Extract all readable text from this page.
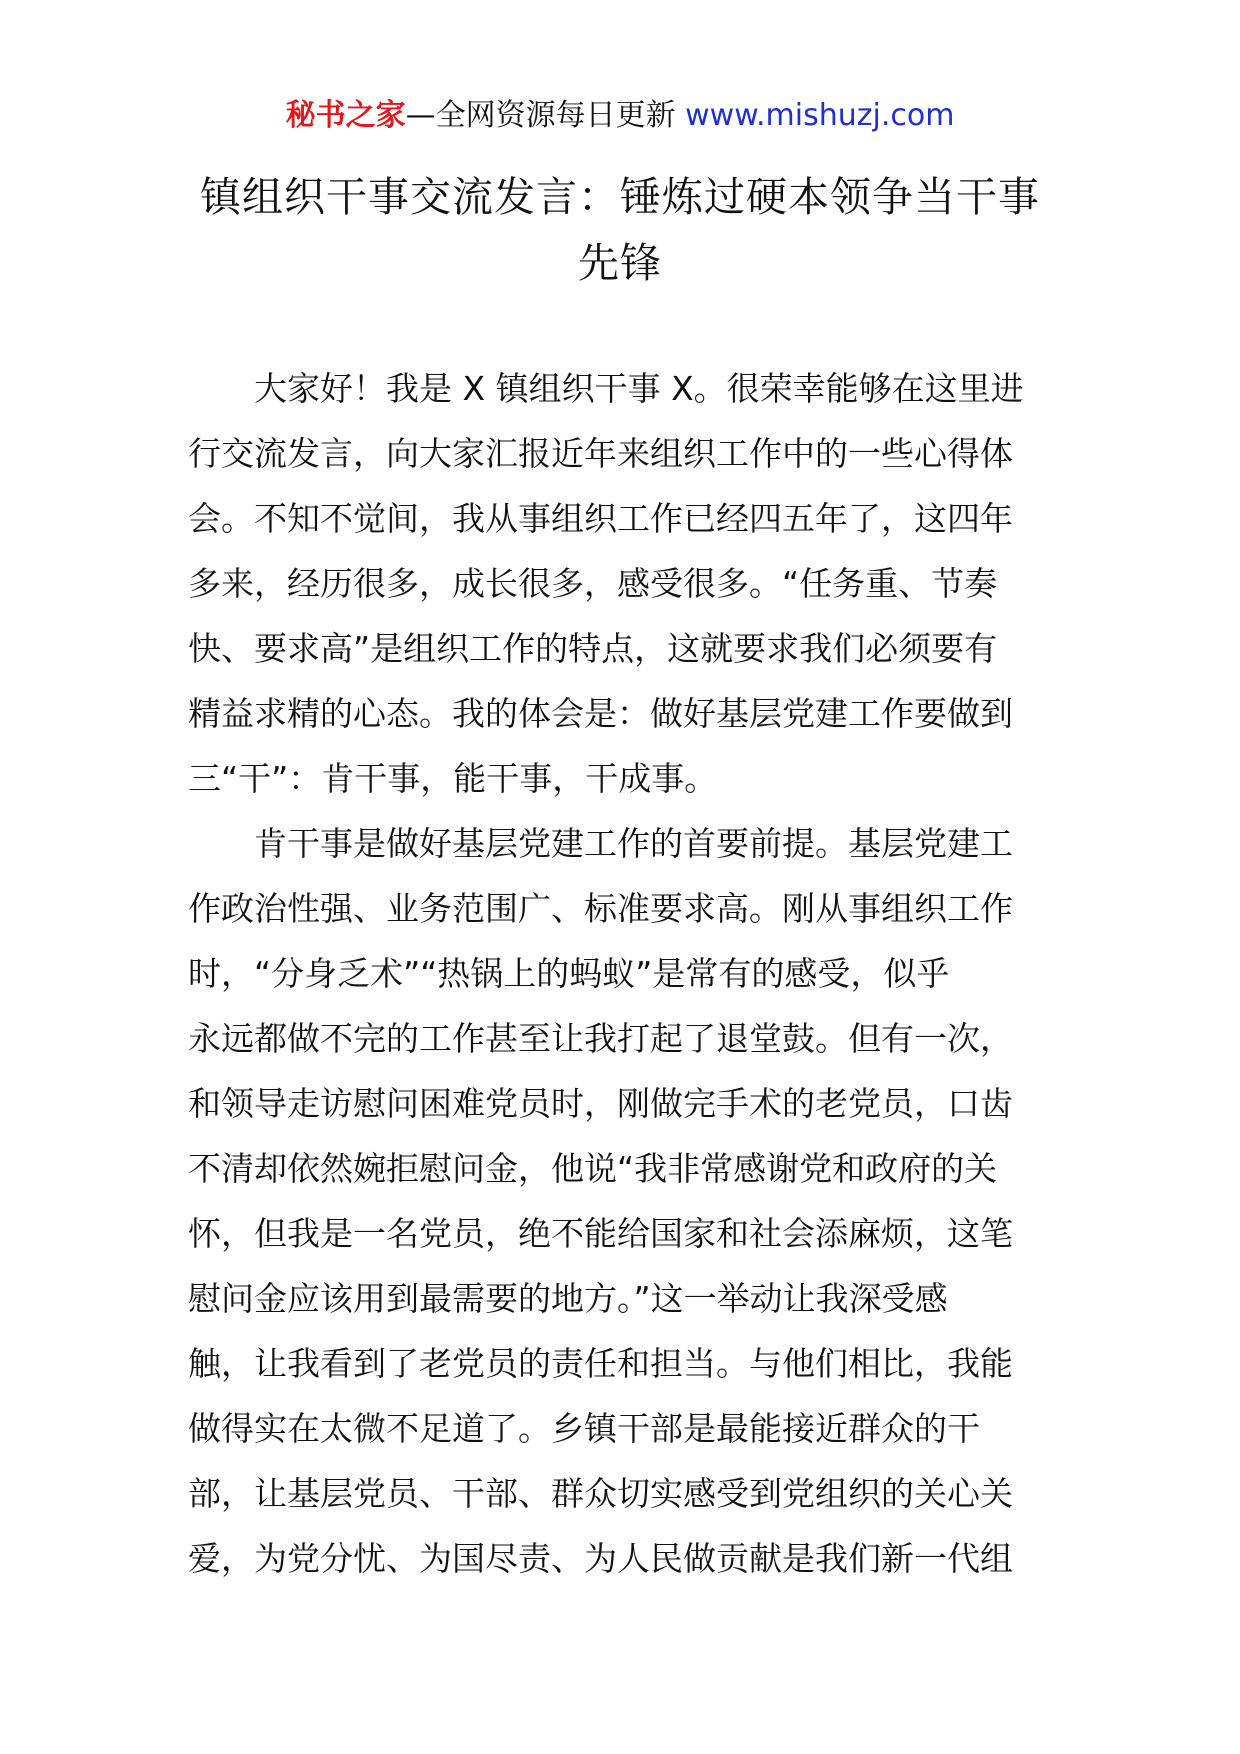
秘书之家—全网资源每日更新 www.mishuzj.com
镇组织干事交流发言：锤炼过硬本领争当干事
先锋
大家好！我是 X 镇组织干事 X。很荣幸能够在这里进
行交流发言，向大家汇报近年来组织工作中的一些心得体
会。不知不觉间，我从事组织工作已经四五年了，这四年
多来，经历很多，成长很多，感受很多。“任务重、节奏
快、要求高”是组织工作的特点，这就要求我们必须要有
精益求精的心态。我的体会是：做好基层党建工作要做到
三“干”：肯干事，能干事，干成事。
肯干事是做好基层党建工作的首要前提。基层党建工
作政治性强、业务范围广、标准要求高。刚从事组织工作
时，“分身乏术”“热锅上的蚂蚁”是常有的感受，似乎
永远都做不完的工作甚至让我打起了退堂鼓。但有一次，
和领导走访慰问困难党员时，刚做完手术的老党员，口齿
不清却依然婉拒慰问金，他说“我非常感谢党和政府的关
怀，但我是一名党员，绝不能给国家和社会添麻烦，这笔
慰问金应该用到最需要的地方。”这一举动让我深受感
触，让我看到了老党员的责任和担当。与他们相比，我能
做得实在太微不足道了。乡镇干部是最能接近群众的干
部，让基层党员、干部、群众切实感受到党组织的关心关
爱，为党分忧、为国尽责、为人民做贡献是我们新一代组
